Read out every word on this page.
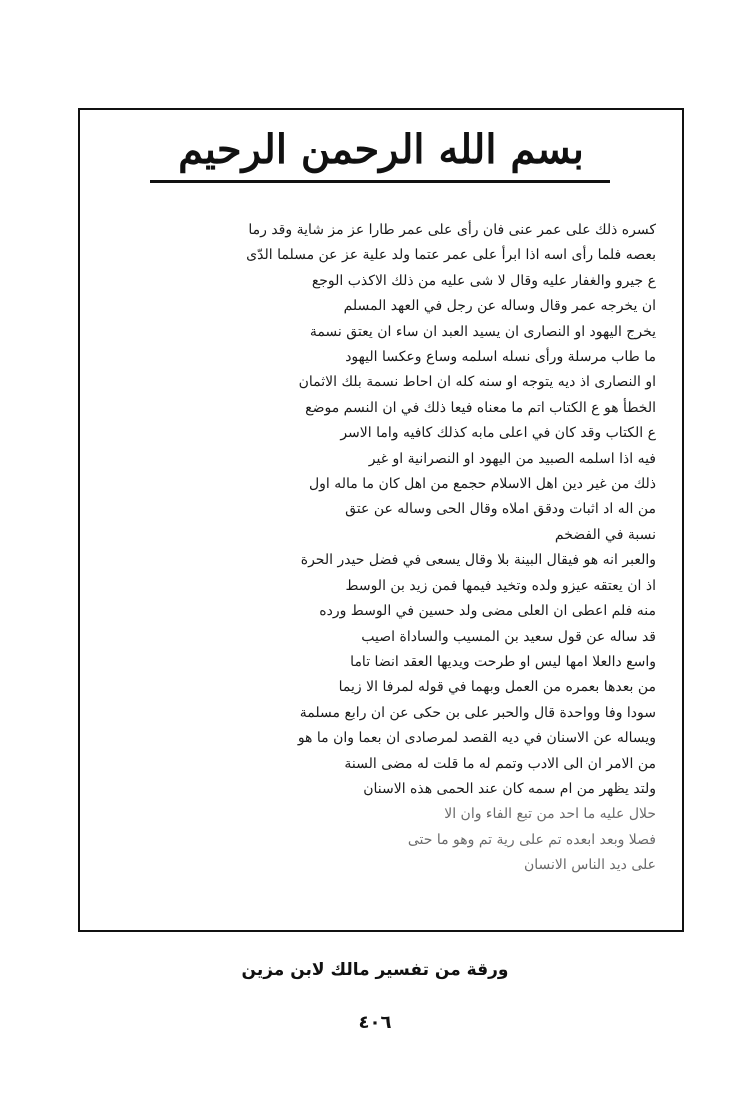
بسم الله الرحمن الرحيم
كسره ذلك على عمر عنى فان رأى على عمر طارا عز مز شاية وقد رما
بعصه فلما رأى اسه اذا ابرأ على عمر عتما ولد علية عز عن مسلما الدّى
ع جيرو والغفار عليه وقال لا شى عليه من ذلك الاكذب الوجع
ان يخرجه عمر وقال وساله عن رجل في العهد المسلم
يخرج اليهود او النصارى ان يسيد العبد ان ساء ان يعتق نسمة
ما طاب مرسلة ورأى نسله اسلمه وساع وعكسا اليهود
او النصارى اذ ديه يتوجه او سنه كله ان احاط نسمة بلك الاثمان
الخطأ هو ع الكتاب اتم ما معناه فيعا ذلك في ان النسم موضع
ع الكتاب وقد كان في اعلى مابه كذلك كافيه واما الاسر
فيه اذا اسلمه الصبيد من اليهود او النصرانية او غير
ذلك من غير دين اهل الاسلام حجمع من اهل كان ما ماله اول
من اله اد اثبات ودقق املاه وقال الحى وساله عن عتق
نسبة في الفضخم
والعبر انه هو فيقال البينة بلا وقال يسعى في فضل حيدر الحرة
اذ ان يعتقه عيزو ولده وتخيد فيمها فمن زيد بن الوسط
منه فلم اعطى ان العلى مضى ولد حسين في الوسط ورده
قد ساله عن قول سعيد بن المسيب والساداة اصيب
واسع دالعلا امها ليس او طرحت ويديها العقد انضا تاما
من بعدها بعمره من العمل وبهما في قوله لمرفا الا زيما
سودا وفا وواحدة قال والحبر على بن حكى عن ان رابع مسلمة
ويساله عن الاسنان في ديه القصد لمرصادى ان بعما وان ما هو
من الامر ان الى الادب وتمم له ما قلت له مضى السنة
ولتد يظهر من ام سمه كان عند الحمى هذه الاسنان
حلال عليه ما احد من تبع الفاء وان الا
فصلا وبعد ابعده تم على رية تم وهو ما حتى
على ديد الناس الانسان
ورقة من تفسير مالك لابن مزين
٤٠٦
